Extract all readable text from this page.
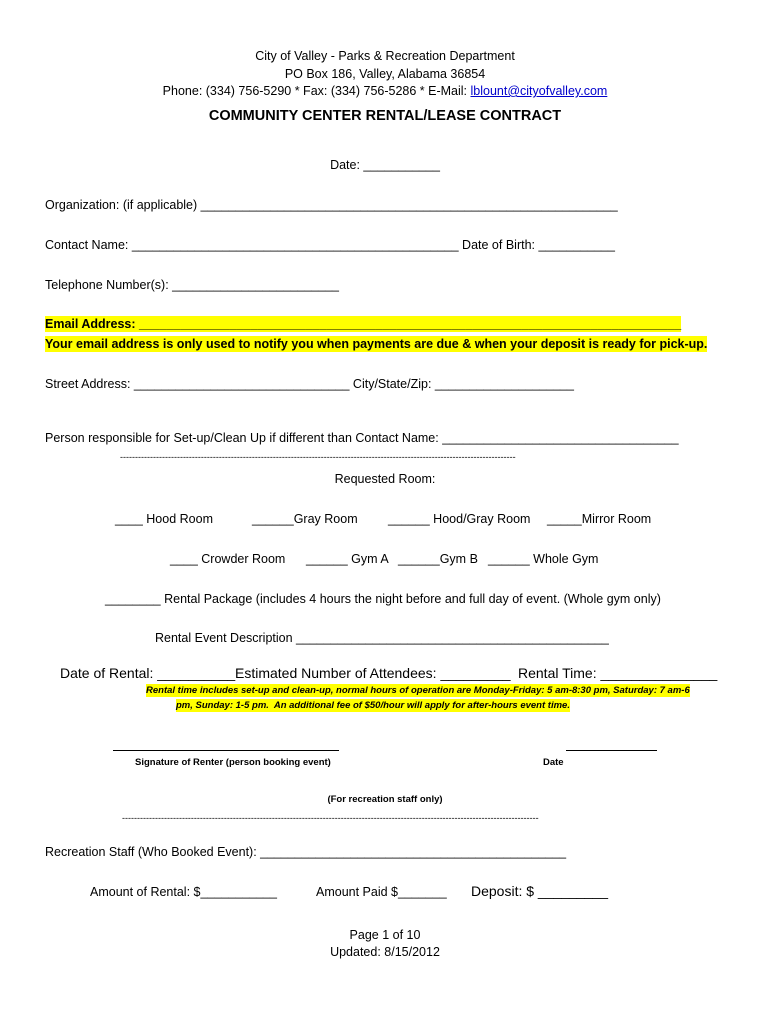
City of Valley - Parks & Recreation Department
PO Box 186, Valley, Alabama 36854
Phone: (334) 756-5290 * Fax: (334) 756-5286 * E-Mail: lblount@cityofvalley.com
COMMUNITY CENTER RENTAL/LEASE CONTRACT
Date: ___________
Organization: (if applicable) ____________________________________________________________
Contact Name: _______________________________________________ Date of Birth: ___________
Telephone Number(s): ________________________
Email Address: ______________________________________________________________________________
Your email address is only used to notify you when payments are due & when your deposit is ready for pick-up.
Street Address: _______________________________ City/State/Zip: ____________________
Person responsible for Set-up/Clean Up if different than Contact Name: __________________________________
------------------------------------------------------------------------------------------------------------------------------------
Requested Room:
____ Hood Room	______Gray Room ______ Hood/Gray Room _____Mirror Room
____ Crowder Room ______ Gym A ______Gym B ______ Whole Gym
________ Rental Package (includes 4 hours the night before and full day of event. (Whole gym only)
Rental Event Description _____________________________________________
Date of Rental: __________ Estimated Number of Attendees: _________ Rental Time: _______________
Rental time includes set-up and clean-up, normal hours of operation are Monday-Friday: 5 am-8:30 pm, Saturday: 7 am-6
pm, Sunday: 1-5 pm.  An additional fee of $50/hour will apply for after-hours event time.
Signature of Renter (person booking event)	Date
(For recreation staff only)
-------------------------------------------------------------------------------------------------------------------------------------------
Recreation Staff (Who Booked Event): ____________________________________________
Amount of Rental: $___________	Amount Paid $_______ Deposit: $ _________
Page 1 of 10
Updated: 8/15/2012
